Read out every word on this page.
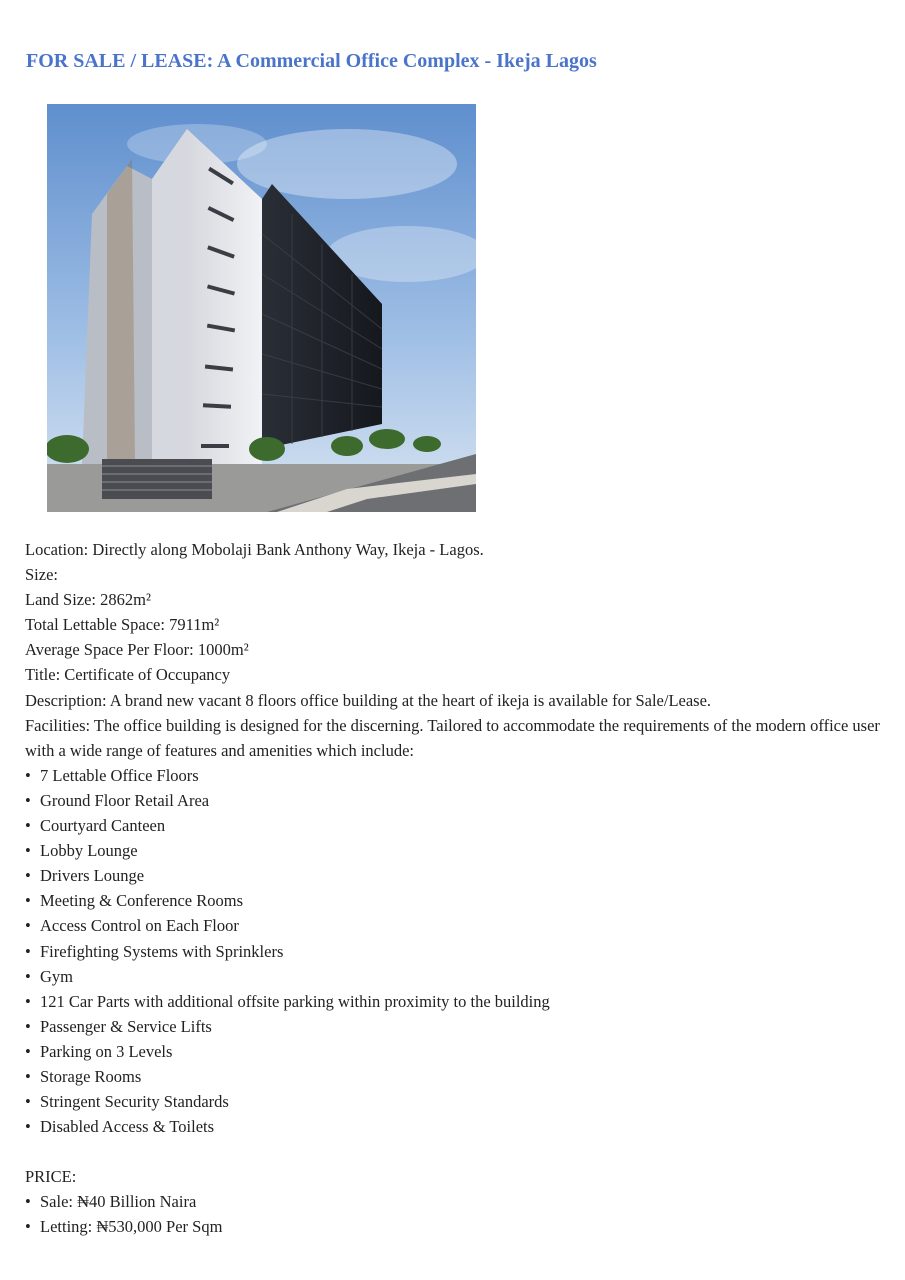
FOR SALE / LEASE: A Commercial Office Complex - Ikeja Lagos

Location: Directly along Mobolaji Bank Anthony Way, Ikeja - Lagos.

Size:

Land Size: 2862m²

Total Lettable Space: 7911m²

Average Space Per Floor: 1000m²

Title: Certificate of Occupancy

Description: A brand new vacant 8 floors office building at the heart of ikeja is available for Sale/Lease.

Facilities: The office building is designed for the discerning. Tailored to accommodate the requirements of the modern office user with a wide range of features and amenities which include:

• 7 Lettable Office Floors
• Ground Floor Retail Area
• Courtyard Canteen
• Lobby Lounge
• Drivers Lounge
• Meeting & Conference Rooms
• Access Control on Each Floor
• Firefighting Systems with Sprinklers
• Gym
• 121 Car Parts with additional offsite parking within proximity to the building
• Passenger & Service Lifts
• Parking on 3 Levels
• Storage Rooms
• Stringent Security Standards
• Disabled Access & Toilets

PRICE:

• Sale: ₦40 Billion Naira
• Letting: ₦530,000 Per Sqm
